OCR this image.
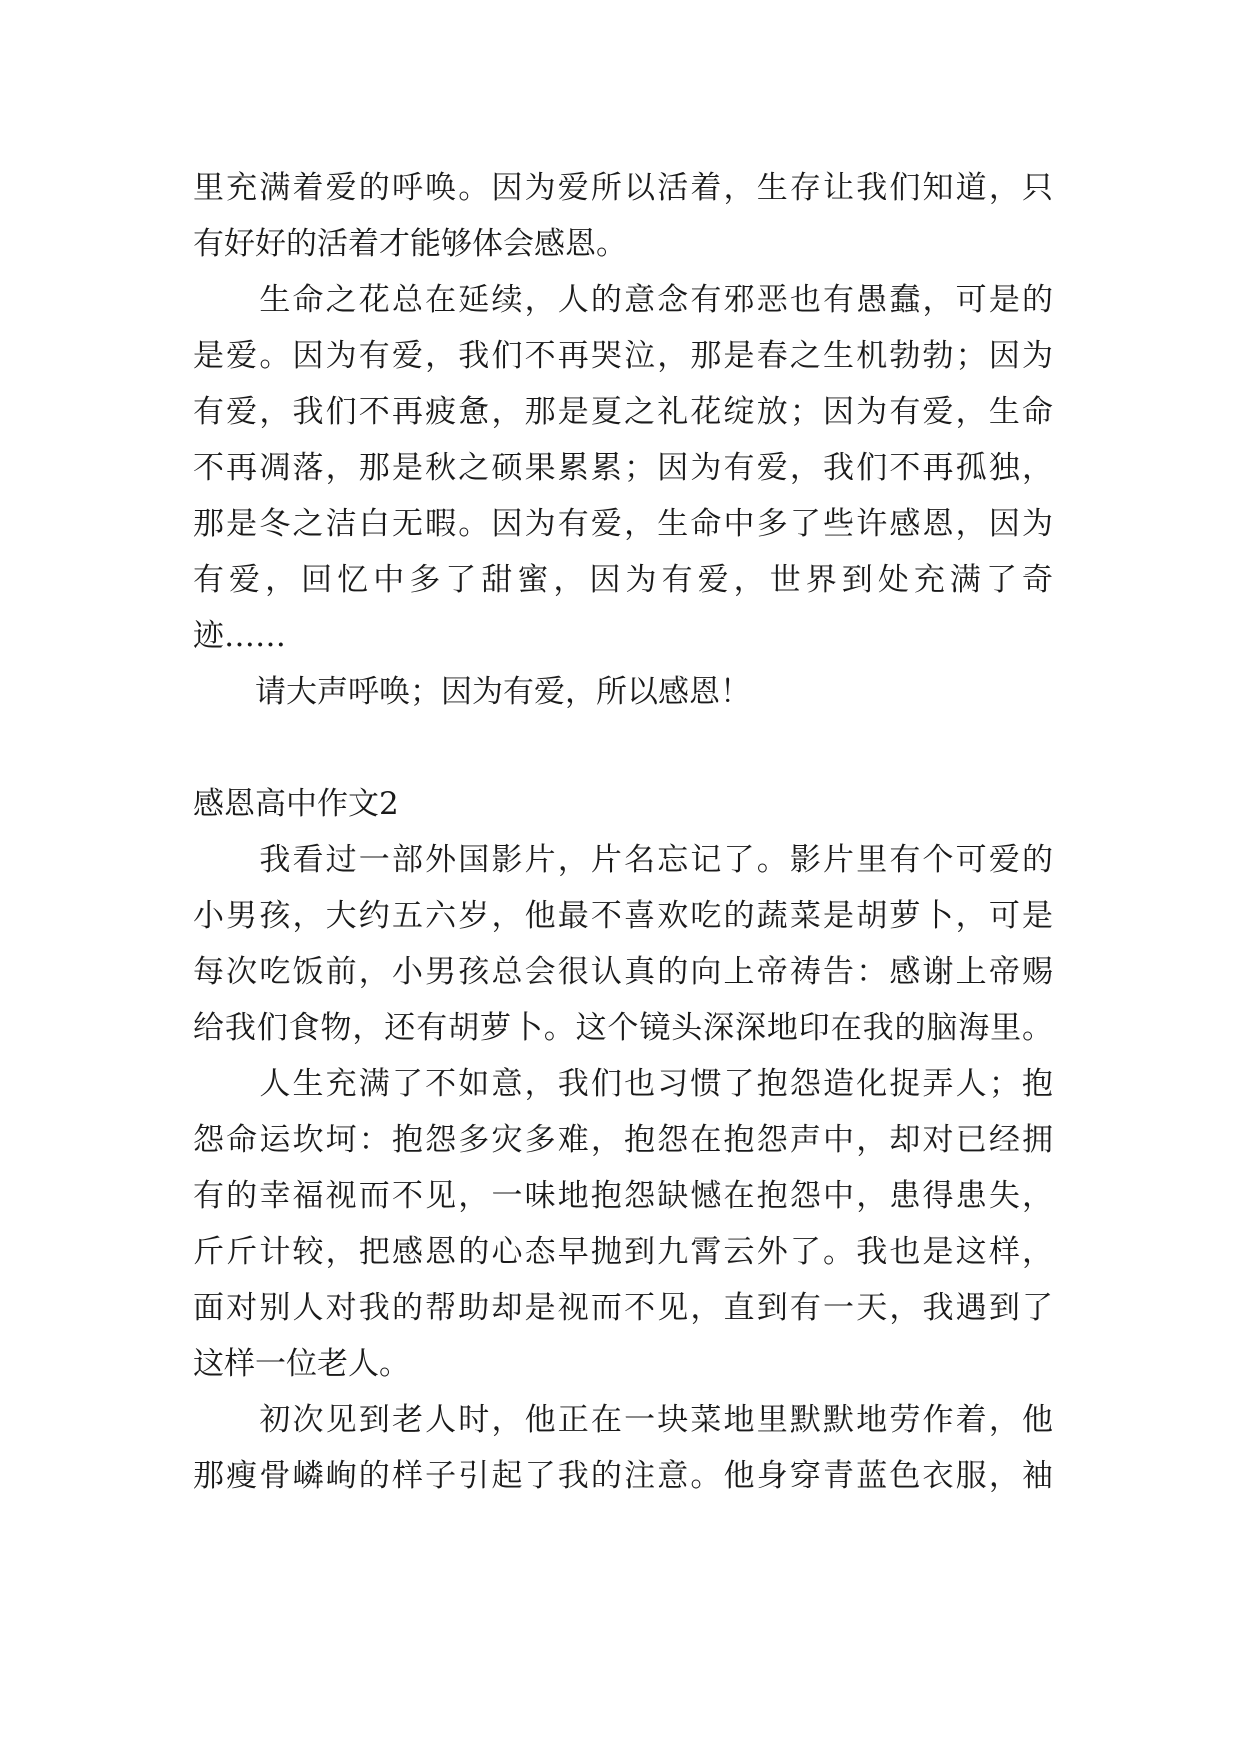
里充满着爱的呼唤。因为爱所以活着，生存让我们知道，只
有好好的活着才能够体会感恩。
　　生命之花总在延续，人的意念有邪恶也有愚蠢，可是的
是爱。因为有爱，我们不再哭泣，那是春之生机勃勃；因为
有爱，我们不再疲惫，那是夏之礼花绽放；因为有爱，生命
不再凋落，那是秋之硕果累累；因为有爱，我们不再孤独，
那是冬之洁白无暇。因为有爱，生命中多了些许感恩，因为
有爱，回忆中多了甜蜜，因为有爱，世界到处充满了奇
迹……
　　请大声呼唤；因为有爱，所以感恩！
感恩高中作文2
　　我看过一部外国影片，片名忘记了。影片里有个可爱的
小男孩，大约五六岁，他最不喜欢吃的蔬菜是胡萝卜，可是
每次吃饭前，小男孩总会很认真的向上帝祷告：感谢上帝赐
给我们食物，还有胡萝卜。这个镜头深深地印在我的脑海里。
　　人生充满了不如意，我们也习惯了抱怨造化捉弄人；抱
怨命运坎坷：抱怨多灾多难，抱怨在抱怨声中，却对已经拥
有的幸福视而不见，一味地抱怨缺憾在抱怨中，患得患失，
斤斤计较，把感恩的心态早抛到九霄云外了。我也是这样，
面对别人对我的帮助却是视而不见，直到有一天，我遇到了
这样一位老人。
　　初次见到老人时，他正在一块菜地里默默地劳作着，他
那瘦骨嶙峋的样子引起了我的注意。他身穿青蓝色衣服，袖
